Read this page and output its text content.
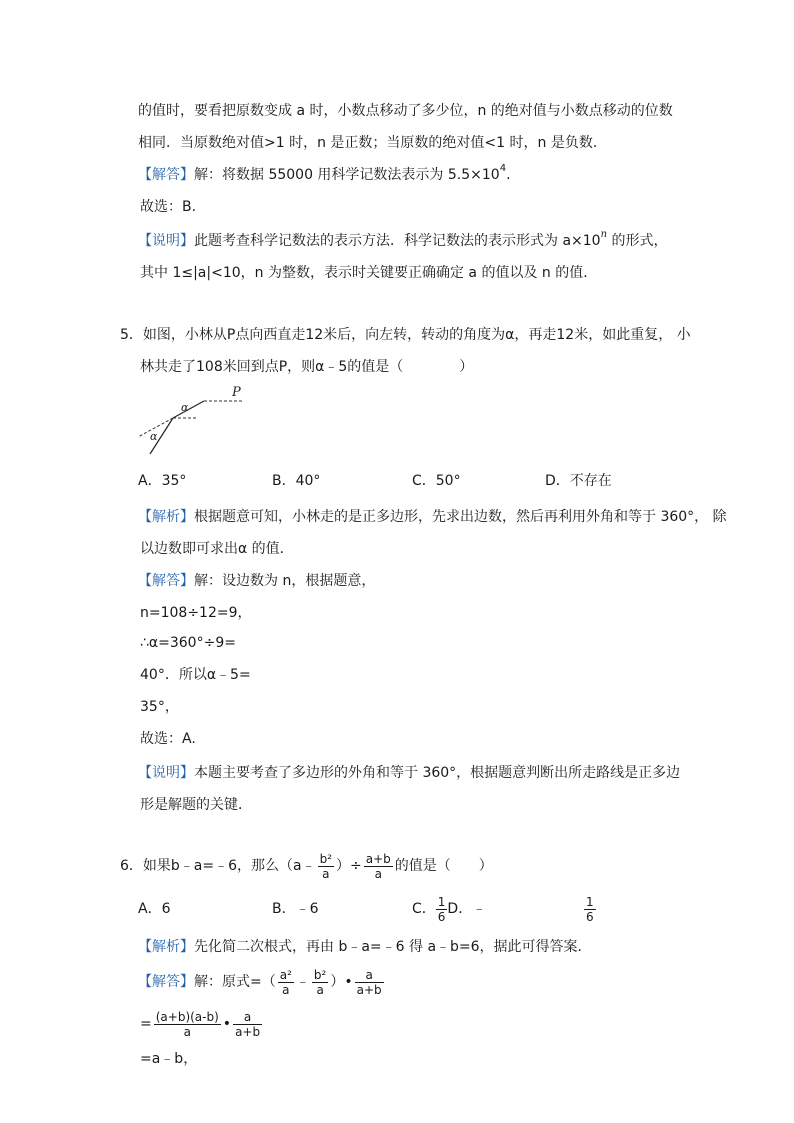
的值时，要看把原数变成 a 时，小数点移动了多少位，n 的绝对值与小数点移动的位数
相同．当原数绝对值>1 时，n 是正数；当原数的绝对值<1 时，n 是负数．
【解答】解：将数据 55000 用科学记数法表示为 $5.5\times 10^4$.
故选：B.
【说明】此题考查科学记数法的表示方法．科学记数法的表示形式为 $a\times 10^n$ 的形式，
其中 1≤|a|<10，n 为整数，表示时关键要正确确定 a 的值以及 n 的值．
5．如图，小林从P点向西直走12米后，向左转，转动的角度为α，再走12米，如此重复， 小
林共走了108米回到点P，则α﹣5的值是（　　　　）
P
α
α
A．35°	B．40°	C．50°	D．不存在
【解析】根据题意可知，小林走的是正多边形，先求出边数，然后再利用外角和等于 360°， 除
以边数即可求出α 的值．
【解答】解：设边数为 n，根据题意，
n=108÷12=9，
∴α=360°÷9=
40°．所以α﹣5=
35°，
故选：A.
【说明】本题主要考查了多边形的外角和等于 360°，根据题意判断出所走路线是正多边
形是解题的关键．
6．如果b﹣a=﹣6，那么（a﹣ $\frac{\text{b²}}{a}$ ）÷ $\frac{a+b}{a}$ 的值是（　　）
A．6	B．﹣6	C． $\frac{1}{6}$ D．﹣	$\frac{1}{6}$
【解析】先化简二次根式，再由 b﹣a=﹣6 得 a﹣b=6，据此可得答案．
【解答】解：原式=（ $\frac{\text{a²}}{a}$ ﹣ $\frac{\text{b²}}{a}$ ）• $\frac{a}{a+b}$
= $\frac{(a+b)(a-b)}{a}$ • $\frac{a}{a+b}$
=a﹣b，
